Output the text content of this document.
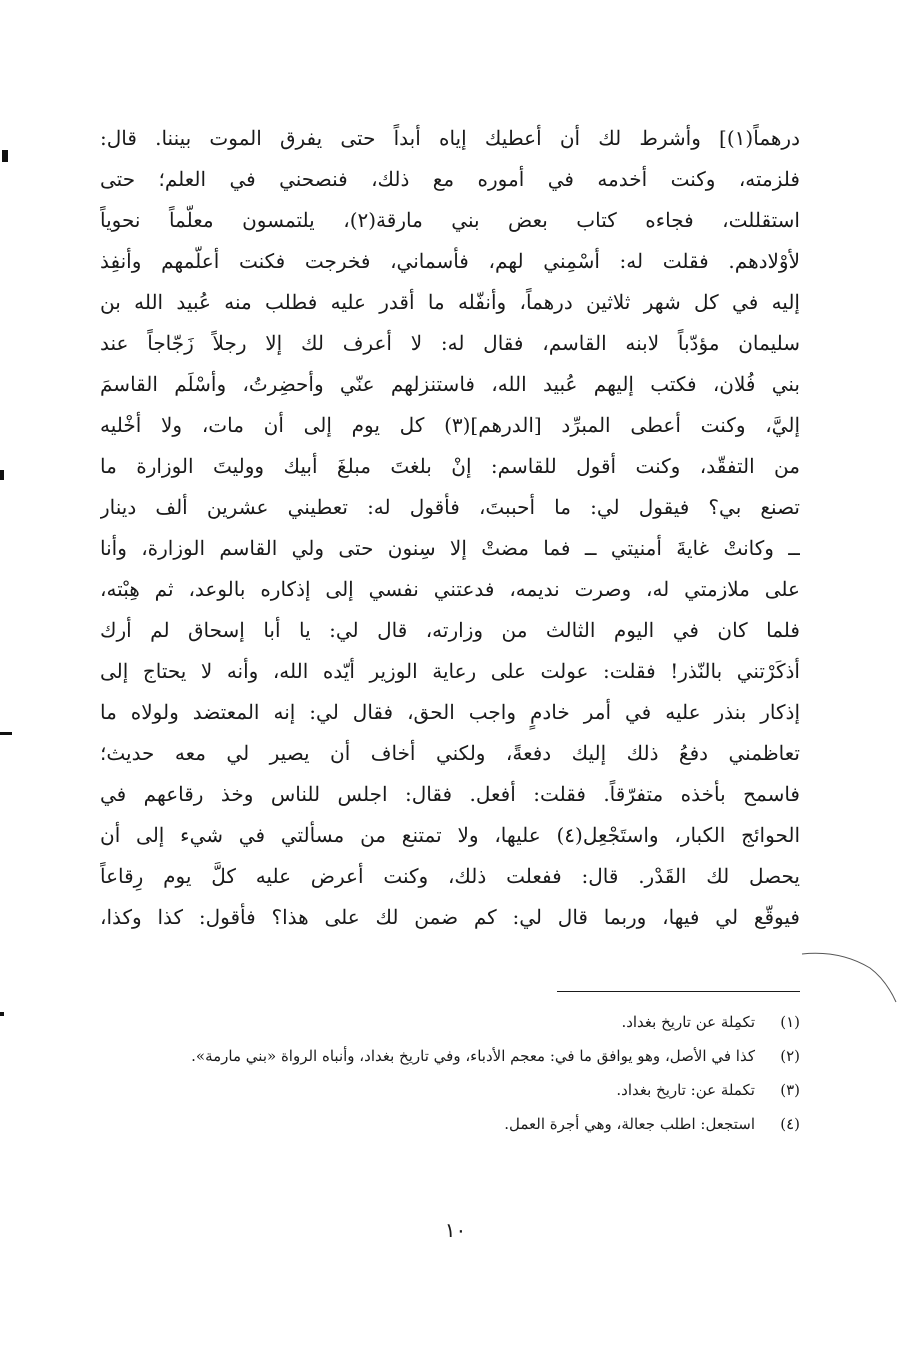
درهماً(١)] وأشرط لك أن أعطيك إياه أبداً حتى يفرق الموت بيننا. قال:
فلزمته، وكنت أخدمه في أموره مع ذلك، فنصحني في العلم؛ حتى
استقللت، فجاءه كتاب بعض بني مارقة(٢)، يلتمسون معلّماً نحوياً
لأوْلادهم. فقلت له: أسْمِني لهم، فأسماني، فخرجت فكنت أعلّمهم وأنفِذ
إليه في كل شهر ثلاثين درهماً، وأنفّله ما أقدر عليه فطلب منه عُبيد الله بن
سليمان مؤدّباً لابنه القاسم، فقال له: لا أعرف لك إلا رجلاً زَجّاجاً عند
بني فُلان، فكتب إليهم عُبيد الله، فاستنزلهم عنّي وأحضِرتُ، وأسْلَم القاسمَ
إليَّ، وكنت أعطى المبرِّد [الدرهم](٣) كل يوم إلى أن مات، ولا أخْليه
من التفقّد، وكنت أقول للقاسم: إنْ بلغتَ مبلغَ أبيك ووليتَ الوزارة ما
تصنع بي؟ فيقول لي: ما أحببتَ، فأقول له: تعطيني عشرين ألف دينار
ــ وكانتْ غايةَ أمنيتي ــ فما مضتْ إلا سِنون حتى ولي القاسم الوزارة، وأنا
على ملازمتي له، وصرت نديمه، فدعتني نفسي إلى إذكاره بالوعد، ثم هِبْته،
فلما كان في اليوم الثالث من وزارته، قال لي: يا أبا إسحاق لم أرك
أذكَرْتني بالنّذر! فقلت: عولت على رعاية الوزير أيّده الله، وأنه لا يحتاج إلى
إذكار بنذر عليه في أمر خادمٍ واجب الحق، فقال لي: إنه المعتضد ولولاه ما
تعاظمني دفعُ ذلك إليك دفعةً، ولكني أخاف أن يصير لي معه حديث؛
فاسمح بأخذه متفرّقاً. فقلت: أفعل. فقال: اجلس للناس وخذ رقاعهم في
الحوائج الكبار، واستَجْعِل(٤) عليها، ولا تمتنع من مسألتي في شيء إلى أن
يحصل لك القَدْر. قال: ففعلت ذلك، وكنت أعرض عليه كلَّ يوم رِقاعاً
فيوقّع لي فيها، وربما قال لي: كم ضمن لك على هذا؟ فأقول: كذا وكذا،
(١)
تكمِلة عن تاريخ بغداد.
(٢)
كذا في الأصل، وهو يوافق ما في: معجم الأدباء، وفي تاريخ بغداد، وأنباه الرواة «بني مارمة».
(٣)
تكملة عن: تاريخ بغداد.
(٤)
استجعل: اطلب جعالة، وهي أجرة العمل.
١٠
